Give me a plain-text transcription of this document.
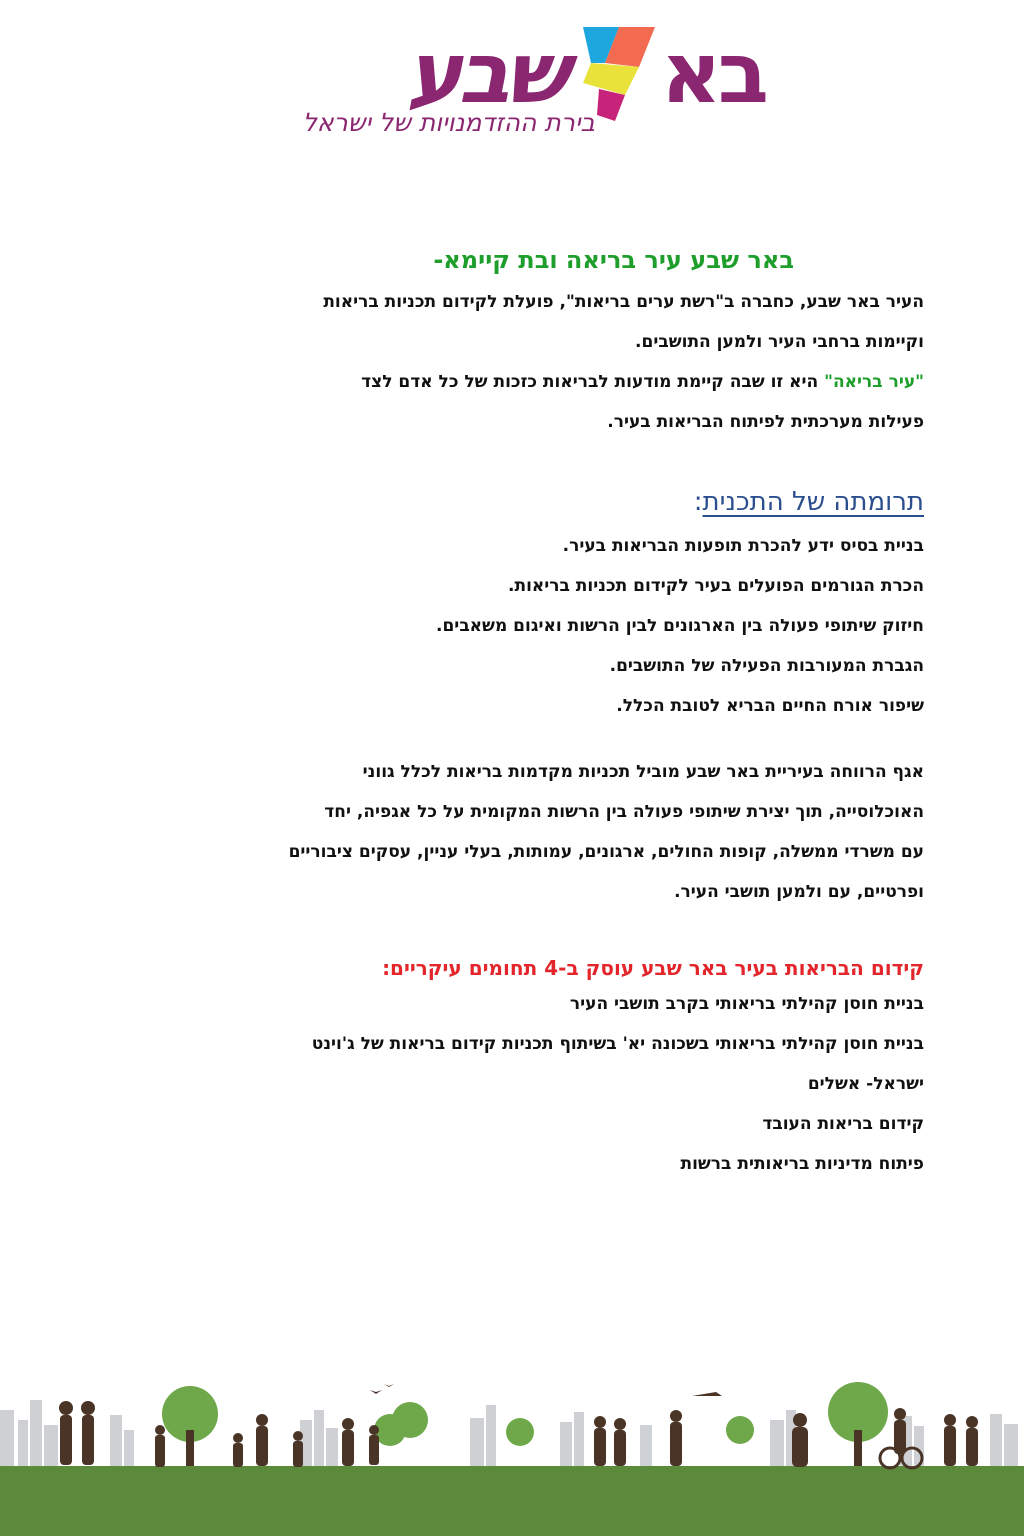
שבע בא
בירת ההזדמנויות של ישראל
באר שבע עיר בריאה ובת קיימא-
העיר באר שבע, כחברה ב"רשת ערים בריאות", פועלת לקידום תכניות בריאות
וקיימות ברחבי העיר ולמען התושבים.
"עיר בריאה" היא זו שבה קיימת מודעות לבריאות כזכות של כל אדם לצד
פעילות מערכתית לפיתוח הבריאות בעיר.
תרומתה של התכנית:
בניית בסיס ידע להכרת תופעות הבריאות בעיר.
הכרת הגורמים הפועלים בעיר לקידום תכניות בריאות.
חיזוק שיתופי פעולה בין הארגונים לבין הרשות ואיגום משאבים.
הגברת המעורבות הפעילה של התושבים.
שיפור אורח החיים הבריא לטובת הכלל.
אגף הרווחה בעיריית באר שבע מוביל תכניות מקדמות בריאות לכלל גווני
האוכלוסייה, תוך יצירת שיתופי פעולה בין הרשות המקומית על כל אגפיה, יחד
עם משרדי ממשלה, קופות החולים, ארגונים, עמותות, בעלי עניין, עסקים ציבוריים
ופרטיים, עם ולמען תושבי העיר.
קידום הבריאות בעיר באר שבע עוסק ב-4 תחומים עיקריים:
בניית חוסן קהילתי בריאותי בקרב תושבי העיר
בניית חוסן קהילתי בריאותי בשכונה יא' בשיתוף תכניות קידום בריאות של ג'וינט
ישראל- אשלים
קידום בריאות העובד
פיתוח מדיניות בריאותית ברשות
